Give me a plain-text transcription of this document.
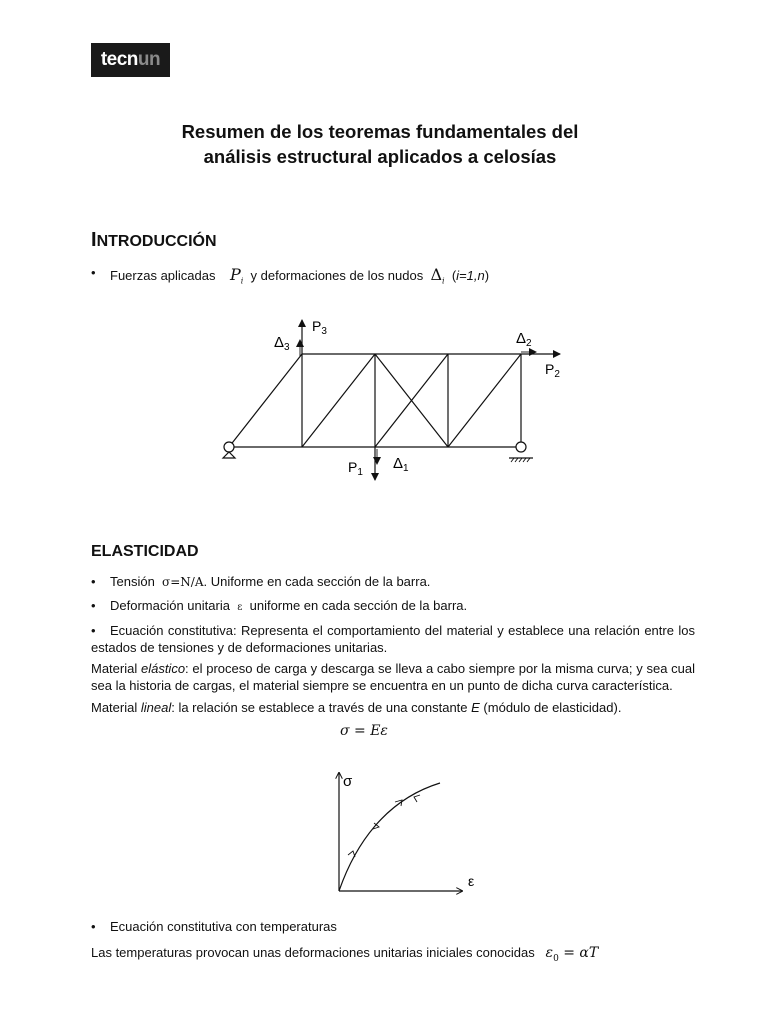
tecnun
Resumen de los teoremas fundamentales del
análisis estructural aplicados a celosías
INTRODUCCIÓN
• Fuerzas aplicadas $P_i$ y deformaciones de los nudos $\Delta_i$ (i=1,n)
$P_3$
$\Delta_3$
$\Delta_2$
$P_2$
$P_1$
$\Delta_1$
ELASTICIDAD
• Tensión σ=N/A. Uniforme en cada sección de la barra.
• Deformación unitaria ε uniforme en cada sección de la barra.
• Ecuación constitutiva: Representa el comportamiento del material y establece una relación entre los estados de tensiones y de deformaciones unitarias.
Material elástico: el proceso de carga y descarga se lleva a cabo siempre por la misma curva; y sea cual sea la historia de cargas, el material siempre se encuentra en un punto de dicha curva característica.
Material lineal: la relación se establece a través de una constante E (módulo de elasticidad).
σ = Eε
σ
ε
• Ecuación constitutiva con temperaturas
Las temperaturas provocan unas deformaciones unitarias iniciales conocidas $\varepsilon_0 = \alpha T$
